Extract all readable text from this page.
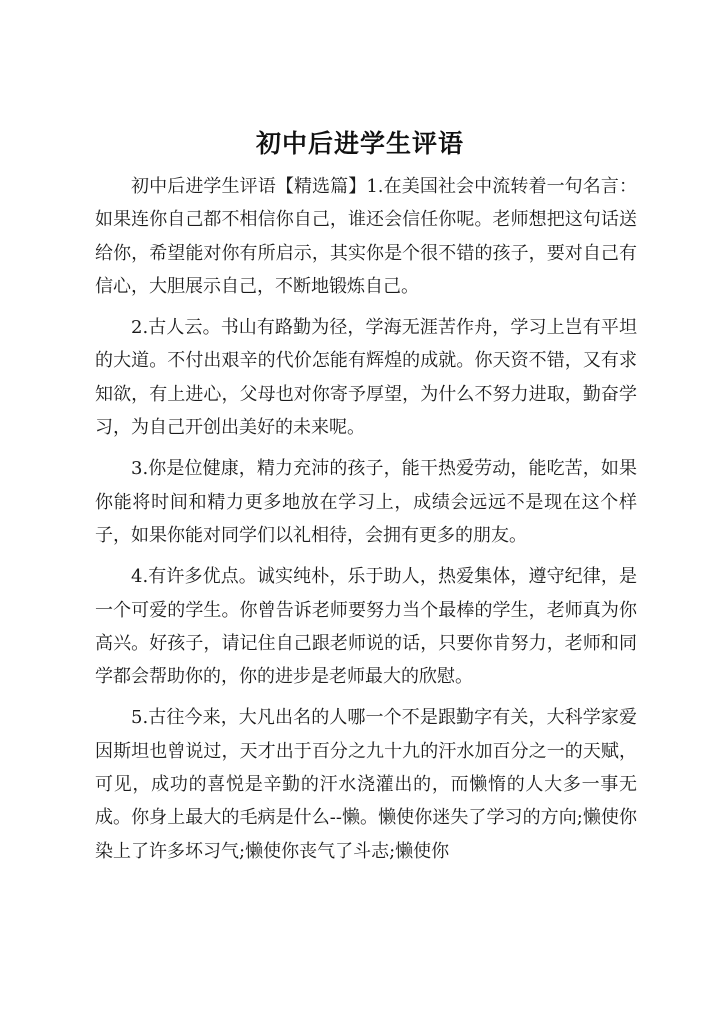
初中后进学生评语

初中后进学生评语【精选篇】1.在美国社会中流转着一句名言：如果连你自己都不相信你自己，谁还会信任你呢。老师想把这句话送给你，希望能对你有所启示，其实你是个很不错的孩子，要对自己有信心，大胆展示自己，不断地锻炼自己。

2.古人云。书山有路勤为径，学海无涯苦作舟，学习上岂有平坦的大道。不付出艰辛的代价怎能有辉煌的成就。你天资不错，又有求知欲，有上进心，父母也对你寄予厚望，为什么不努力进取，勤奋学习，为自己开创出美好的未来呢。

3.你是位健康，精力充沛的孩子，能干热爱劳动，能吃苦，如果你能将时间和精力更多地放在学习上，成绩会远远不是现在这个样子，如果你能对同学们以礼相待，会拥有更多的朋友。

4.有许多优点。诚实纯朴，乐于助人，热爱集体，遵守纪律，是一个可爱的学生。你曾告诉老师要努力当个最棒的学生，老师真为你高兴。好孩子，请记住自己跟老师说的话，只要你肯努力，老师和同学都会帮助你的，你的进步是老师最大的欣慰。

5.古往今来，大凡出名的人哪一个不是跟勤字有关，大科学家爱因斯坦也曾说过，天才出于百分之九十九的汗水加百分之一的天赋，可见，成功的喜悦是辛勤的汗水浇灌出的，而懒惰的人大多一事无成。你身上最大的毛病是什么--懒。懒使你迷失了学习的方向;懒使你染上了许多坏习气;懒使你丧气了斗志;懒使你
